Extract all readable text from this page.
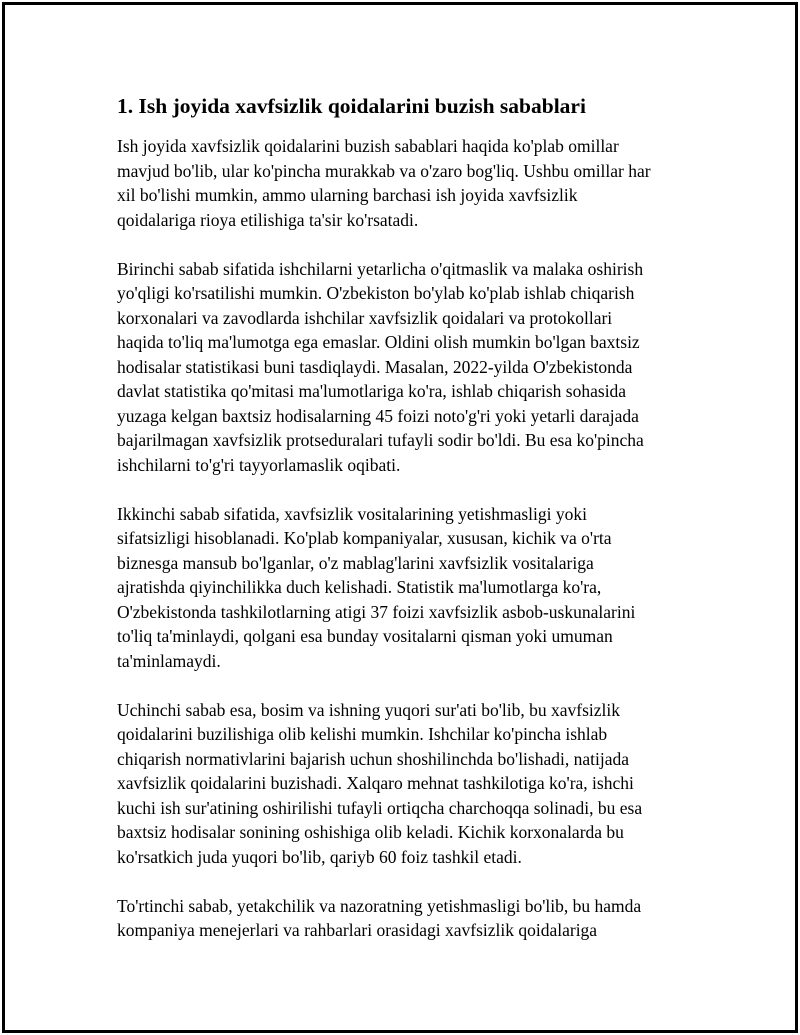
1. Ish joyida xavfsizlik qoidalarini buzish sabablari

Ish joyida xavfsizlik qoidalarini buzish sabablari haqida ko'plab omillar
mavjud bo'lib, ular ko'pincha murakkab va o'zaro bog'liq. Ushbu omillar har
xil bo'lishi mumkin, ammo ularning barchasi ish joyida xavfsizlik
qoidalariga rioya etilishiga ta'sir ko'rsatadi.

Birinchi sabab sifatida ishchilarni yetarlicha o'qitmaslik va malaka oshirish
yo'qligi ko'rsatilishi mumkin. O'zbekiston bo'ylab ko'plab ishlab chiqarish
korxonalari va zavodlarda ishchilar xavfsizlik qoidalari va protokollari
haqida to'liq ma'lumotga ega emaslar. Oldini olish mumkin bo'lgan baxtsiz
hodisalar statistikasi buni tasdiqlaydi. Masalan, 2022-yilda O'zbekistonda
davlat statistika qo'mitasi ma'lumotlariga ko'ra, ishlab chiqarish sohasida
yuzaga kelgan baxtsiz hodisalarning 45 foizi noto'g'ri yoki yetarli darajada
bajarilmagan xavfsizlik protseduralari tufayli sodir bo'ldi. Bu esa ko'pincha
ishchilarni to'g'ri tayyorlamaslik oqibati.

Ikkinchi sabab sifatida, xavfsizlik vositalarining yetishmasligi yoki
sifatsizligi hisoblanadi. Ko'plab kompaniyalar, xususan, kichik va o'rta
biznesga mansub bo'lganlar, o'z mablag'larini xavfsizlik vositalariga
ajratishda qiyinchilikka duch kelishadi. Statistik ma'lumotlarga ko'ra,
O'zbekistonda tashkilotlarning atigi 37 foizi xavfsizlik asbob-uskunalarini
to'liq ta'minlaydi, qolgani esa bunday vositalarni qisman yoki umuman
ta'minlamaydi.

Uchinchi sabab esa, bosim va ishning yuqori sur'ati bo'lib, bu xavfsizlik
qoidalarini buzilishiga olib kelishi mumkin. Ishchilar ko'pincha ishlab
chiqarish normativlarini bajarish uchun shoshilinchda bo'lishadi, natijada
xavfsizlik qoidalarini buzishadi. Xalqaro mehnat tashkilotiga ko'ra, ishchi
kuchi ish sur'atining oshirilishi tufayli ortiqcha charchoqqa solinadi, bu esa
baxtsiz hodisalar sonining oshishiga olib keladi. Kichik korxonalarda bu
ko'rsatkich juda yuqori bo'lib, qariyb 60 foiz tashkil etadi.

To'rtinchi sabab, yetakchilik va nazoratning yetishmasligi bo'lib, bu hamda
kompaniya menejerlari va rahbarlari orasidagi xavfsizlik qoidalariga
